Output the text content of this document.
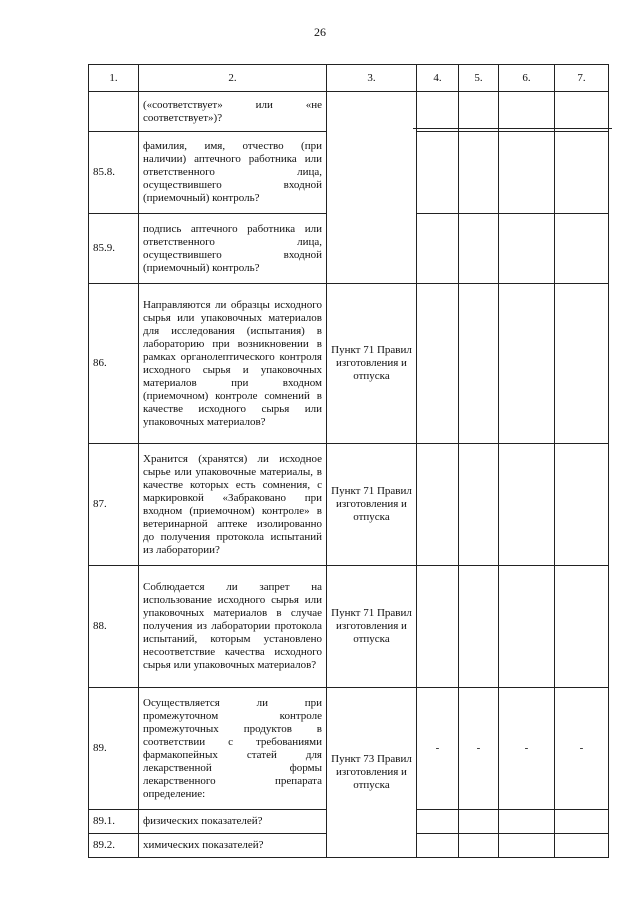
26
1.	2.	3.	4.	5.	6.	7.
	(«соответствует» или «не соответствует»)?		

85.8.	фамилия, имя, отчество (при наличии) аптечного работника или ответственного лица, осуществившего входной (приемочный) контроль?					
85.9.	подпись аптечного работника или ответственного лица, осуществившего входной (приемочный) контроль?					
86.	Направляются ли образцы исходного сырья или упаковочных материалов для исследования (испытания) в лабораторию при возникновении в рамках органолептического контроля исходного сырья и упаковочных материалов при входном (приемочном) контроле сомнений в качестве исходного сырья или упаковочных материалов?	Пункт 71 Правил изготовления и отпуска				
87.	Хранится (хранятся) ли исходное сырье или упаковочные материалы, в качестве которых есть сомнения, с маркировкой «Забраковано при входном (приемочном) контроле» в ветеринарной аптеке изолированно до получения протокола испытаний из лаборатории?	Пункт 71 Правил изготовления и отпуска				
88.	Соблюдается ли запрет на использование исходного сырья или упаковочных материалов в случае получения из лаборатории протокола испытаний, которым установлено несоответствие качества исходного сырья или упаковочных материалов?	Пункт 71 Правил изготовления и отпуска				
89.	Осуществляется ли при промежуточном контроле промежуточных продуктов в соответствии с требованиями фармакопейных статей для лекарственной формы лекарственного препарата определение:	Пункт 73 Правил изготовления и отпуска	-	-	-	-
89.1.	физических показателей?					
89.2.	химических показателей?					
